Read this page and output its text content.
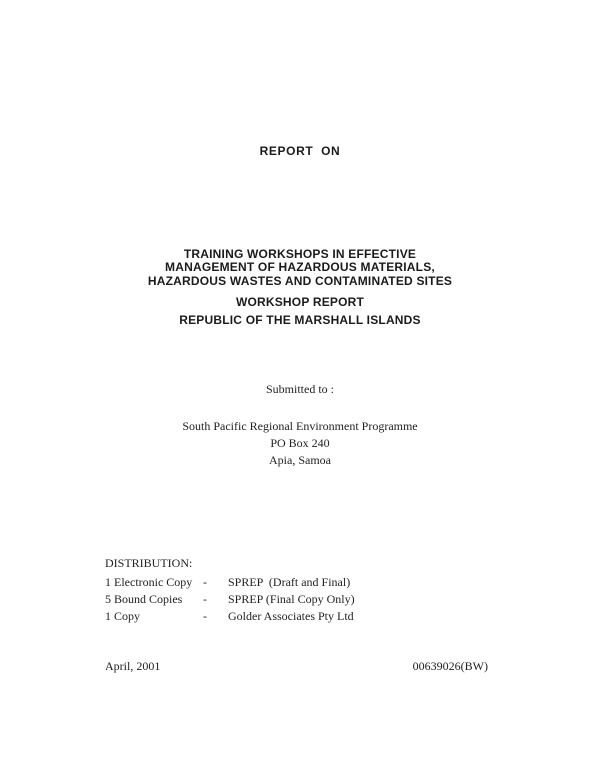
REPORT  ON
TRAINING WORKSHOPS IN EFFECTIVE
MANAGEMENT OF HAZARDOUS MATERIALS,
HAZARDOUS WASTES AND CONTAMINATED SITES
WORKSHOP REPORT
REPUBLIC OF THE MARSHALL ISLANDS
Submitted to :
South Pacific Regional Environment Programme
PO Box 240
Apia, Samoa
DISTRIBUTION:
1 Electronic Copy -	SPREP  (Draft and Final)
5 Bound Copies	-	SPREP (Final Copy Only)
1 Copy	-	Golder Associates Pty Ltd
April, 2001	00639026(BW)
